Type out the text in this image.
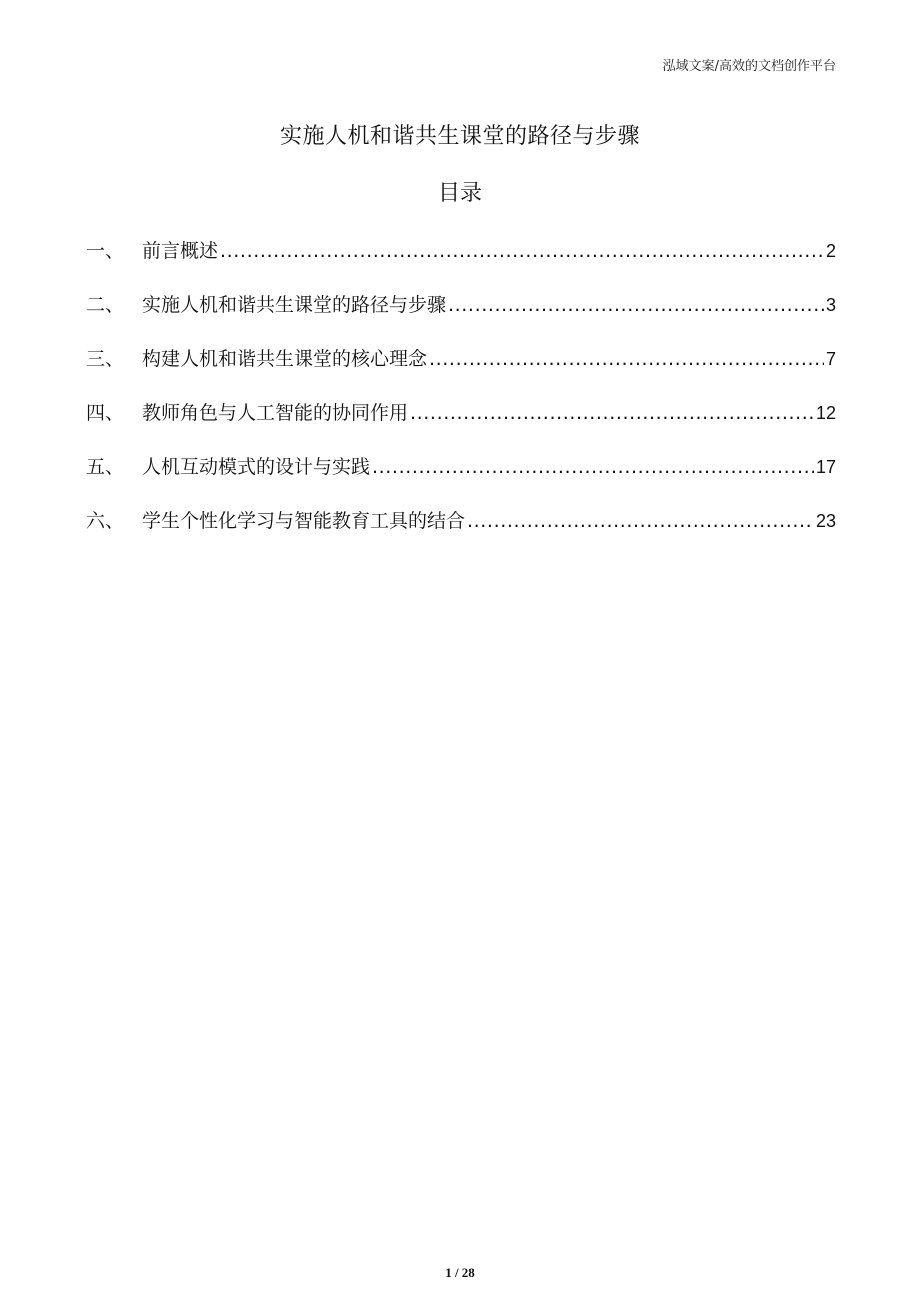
泓域文案/高效的文档创作平台
实施人机和谐共生课堂的路径与步骤
目录
一、 前言概述 .....	2
二、 实施人机和谐共生课堂的路径与步骤 .....	3
三、 构建人机和谐共生课堂的核心理念 .....	7
四、 教师角色与人工智能的协同作用 .....	12
五、 人机互动模式的设计与实践 .....	17
六、 学生个性化学习与智能教育工具的结合 .....	23
1 / 28
